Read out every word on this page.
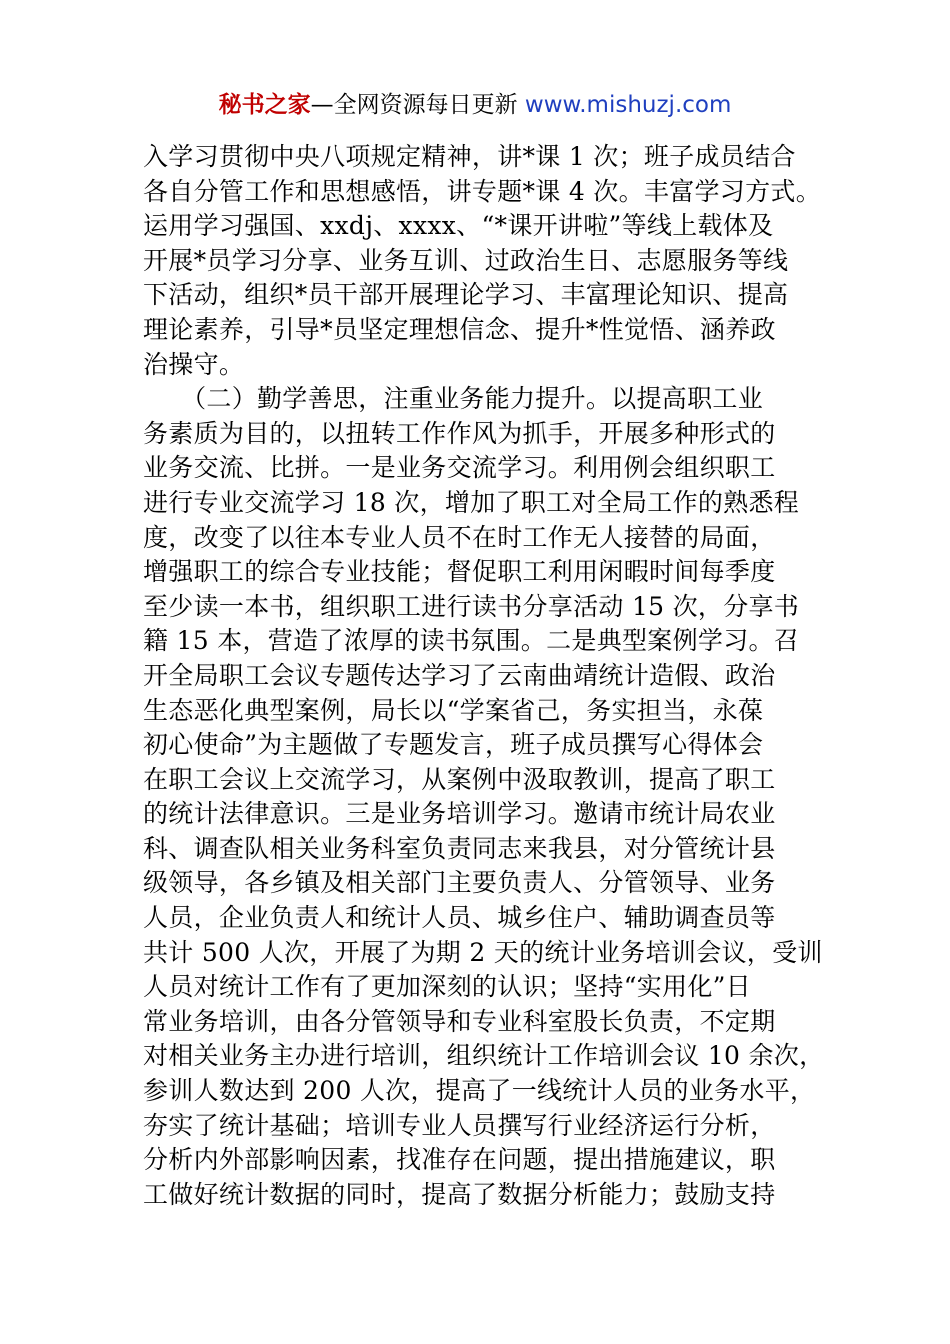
秘书之家—全网资源每日更新 www.mishuzj.com
入学习贯彻中央八项规定精神，讲*课 1 次；班子成员结合
各自分管工作和思想感悟，讲专题*课 4 次。丰富学习方式。
运用学习强国、xxdj、xxxx、“*课开讲啦”等线上载体及
开展*员学习分享、业务互训、过政治生日、志愿服务等线
下活动，组织*员干部开展理论学习、丰富理论知识、提高
理论素养，引导*员坚定理想信念、提升*性觉悟、涵养政
治操守。
　　（二）勤学善思，注重业务能力提升。以提高职工业
务素质为目的，以扭转工作作风为抓手，开展多种形式的
业务交流、比拼。一是业务交流学习。利用例会组织职工
进行专业交流学习 18 次，增加了职工对全局工作的熟悉程
度，改变了以往本专业人员不在时工作无人接替的局面，
增强职工的综合专业技能；督促职工利用闲暇时间每季度
至少读一本书，组织职工进行读书分享活动 15 次，分享书
籍 15 本，营造了浓厚的读书氛围。二是典型案例学习。召
开全局职工会议专题传达学习了云南曲靖统计造假、政治
生态恶化典型案例，局长以“学案省己，务实担当，永葆
初心使命”为主题做了专题发言，班子成员撰写心得体会
在职工会议上交流学习，从案例中汲取教训，提高了职工
的统计法律意识。三是业务培训学习。邀请市统计局农业
科、调查队相关业务科室负责同志来我县，对分管统计县
级领导，各乡镇及相关部门主要负责人、分管领导、业务
人员，企业负责人和统计人员、城乡住户、辅助调查员等
共计 500 人次，开展了为期 2 天的统计业务培训会议，受训
人员对统计工作有了更加深刻的认识；坚持“实用化”日
常业务培训，由各分管领导和专业科室股长负责，不定期
对相关业务主办进行培训，组织统计工作培训会议 10 余次，
参训人数达到 200 人次，提高了一线统计人员的业务水平，
夯实了统计基础；培训专业人员撰写行业经济运行分析，
分析内外部影响因素，找准存在问题，提出措施建议，职
工做好统计数据的同时，提高了数据分析能力；鼓励支持
